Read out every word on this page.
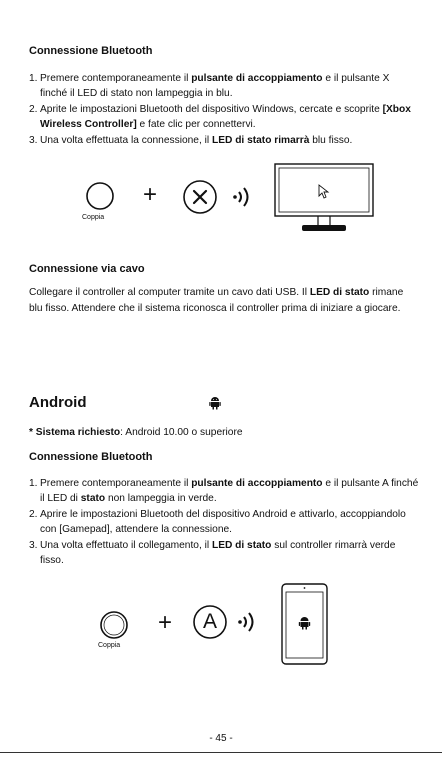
Connessione Bluetooth
1. Premere contemporaneamente il pulsante di accoppiamento e il pulsante X finché il LED di stato non lampeggia in blu.
2. Aprite le impostazioni Bluetooth del dispositivo Windows, cercate e scoprite [Xbox Wireless Controller] e fate clic per connettervi.
3. Una volta effettuata la connessione, il LED di stato rimarrà blu fisso.
Coppia
+
Connessione via cavo
Collegare il controller al computer tramite un cavo dati USB. Il LED di stato rimane blu fisso. Attendere che il sistema riconosca il controller prima di iniziare a giocare.
Android
* Sistema richiesto: Android 10.00 o superiore
Connessione Bluetooth
1. Premere contemporaneamente il pulsante di accoppiamento e il pulsante A finché il LED di stato non lampeggia in verde.
2. Aprire le impostazioni Bluetooth del dispositivo Android e attivarlo, accoppiandolo con [Gamepad], attendere la connessione.
3. Una volta effettuato il collegamento, il LED di stato sul controller rimarrà verde fisso.
Coppia
+	A
- 45 -
